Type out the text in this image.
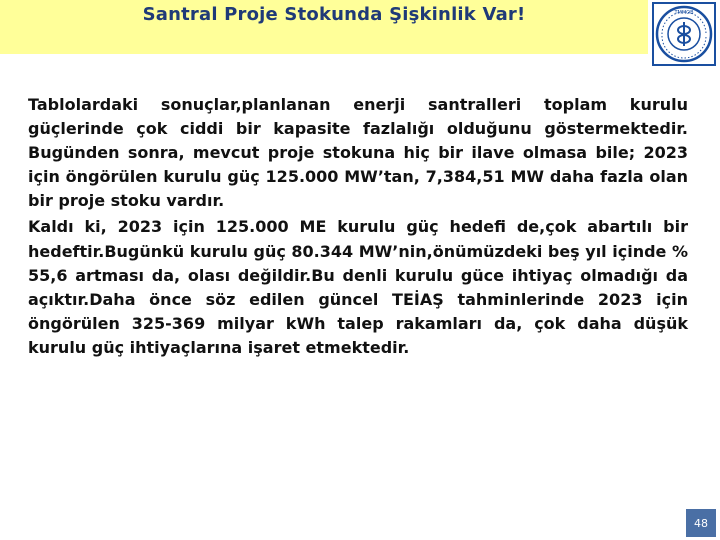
Santral Proje Stokunda Şişkinlik Var!	TMMOB

Tablolardaki sonuçlar,planlanan enerji santralleri toplam kurulu güçlerinde çok ciddi bir kapasite fazlalığı olduğunu göstermektedir. Bugünden sonra, mevcut proje stokuna hiç bir ilave olmasa bile; 2023 için öngörülen kurulu güç 125.000 MW’tan, 7,384,51 MW daha fazla olan bir proje stoku vardır.

Kaldı ki, 2023 için 125.000 ME kurulu güç hedefi de,çok abartılı bir hedeftir.Bugünkü kurulu güç 80.344 MW’nin,önümüzdeki beş yıl içinde % 55,6 artması da, olası değildir.Bu denli kurulu güce ihtiyaç olmadığı da açıktır.Daha önce söz edilen güncel TEİAŞ tahminlerinde 2023 için öngörülen 325-369 milyar kWh talep rakamları da, çok daha düşük kurulu güç ihtiyaçlarına işaret etmektedir.

48
